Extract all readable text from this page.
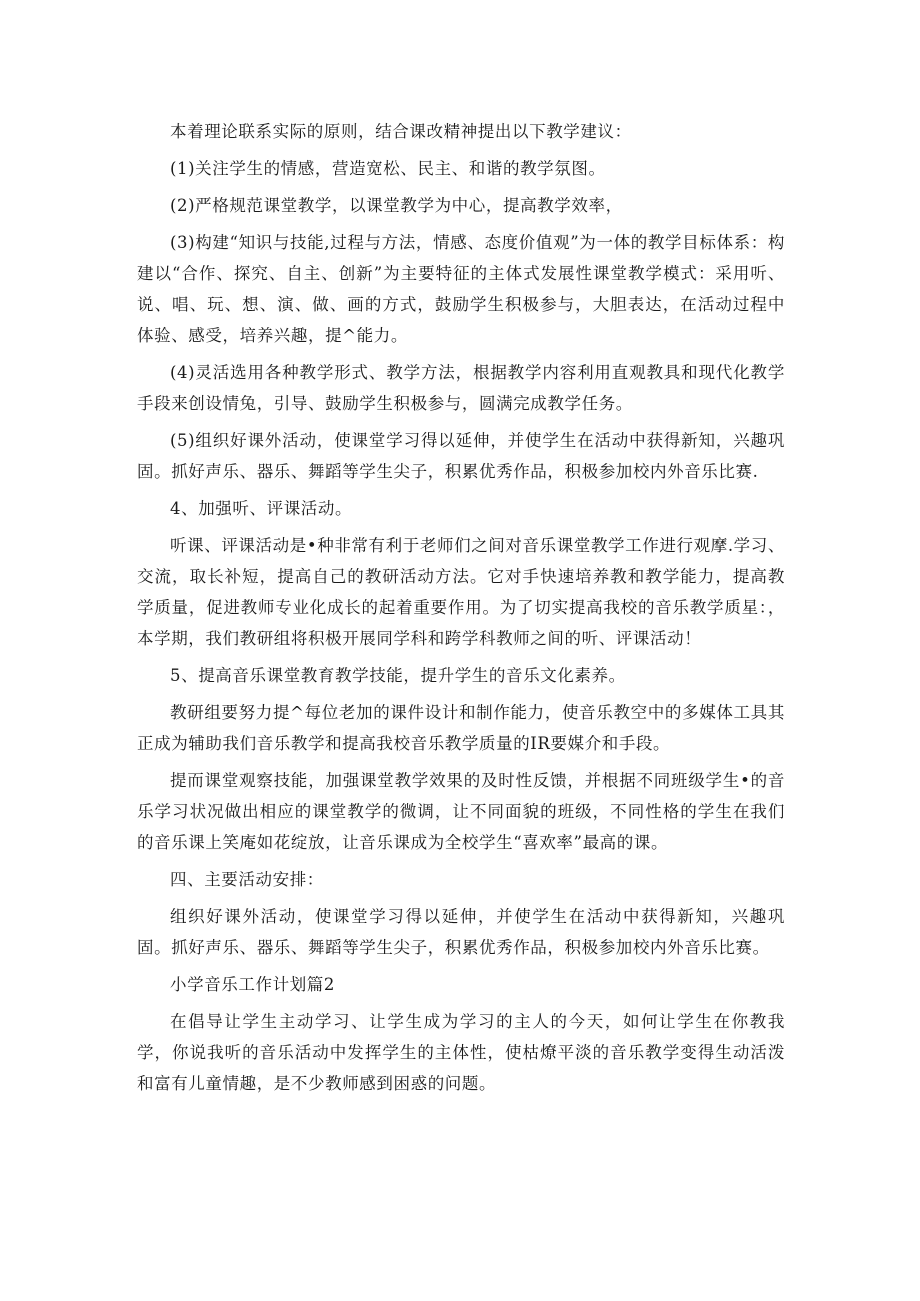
本着理论联系实际的原则，结合课改精神提出以下教学建议：

(1)关注学生的情感，营造宽松、民主、和谐的教学氛图。

(2)严格规范课堂教学，以课堂教学为中心，提高教学效率，

(3)构建“知识与技能,过程与方法，情感、态度价值观”为一体的教学目标体系：构建以“合作、探究、自主、创新”为主要特征的主体式发展性课堂教学模式：采用听、说、唱、玩、想、演、做、画的方式，鼓励学生积极参与，大胆表达，在活动过程中体验、感受，培养兴趣，提^能力。

(4)灵活选用各种教学形式、教学方法，根据教学内容利用直观教具和现代化教学手段来创设情兔，引导、鼓励学生积极参与，圆满完成教学任务。

(5)组织好课外活动，使课堂学习得以延伸，并使学生在活动中获得新知，兴趣巩固。抓好声乐、器乐、舞蹈等学生尖子，积累优秀作品，积极参加校内外音乐比赛.

4、加强听、评课活动。

听课、评课活动是•种非常有利于老师们之间对音乐课堂教学工作进行观摩.学习、交流，取长补短，提高自己的教研活动方法。它对手快速培养教和教学能力，提高教学质量，促进教师专业化成长的起着重要作用。为了切实提高我校的音乐教学质星：，本学期，我们教研组将积极开展同学科和跨学科教师之间的听、评课活动！

5、提高音乐课堂教育教学技能，提升学生的音乐文化素养。

教研组要努力提^每位老加的课件设计和制作能力，使音乐教空中的多媒体工具其正成为辅助我们音乐教学和提高我校音乐教学质量的IR要媒介和手段。

提而课堂观察技能，加强课堂教学效果的及时性反馈，并根据不同班级学生•的音乐学习状况做出相应的课堂教学的微调，让不同面貌的班级，不同性格的学生在我们的音乐课上笑庵如花绽放，让音乐课成为全校学生“喜欢率”最高的课。

四、主要活动安排：

组织好课外活动，使课堂学习得以延伸，并使学生在活动中获得新知，兴趣巩固。抓好声乐、器乐、舞蹈等学生尖子，积累优秀作品，积极参加校内外音乐比赛。

小学音乐工作计划篇2

在倡导让学生主动学习、让学生成为学习的主人的今天，如何让学生在你教我学，你说我听的音乐活动中发挥学生的主体性，使枯燎平淡的音乐教学变得生动活泼和富有儿童情趣，是不少教师感到困惑的问题。
